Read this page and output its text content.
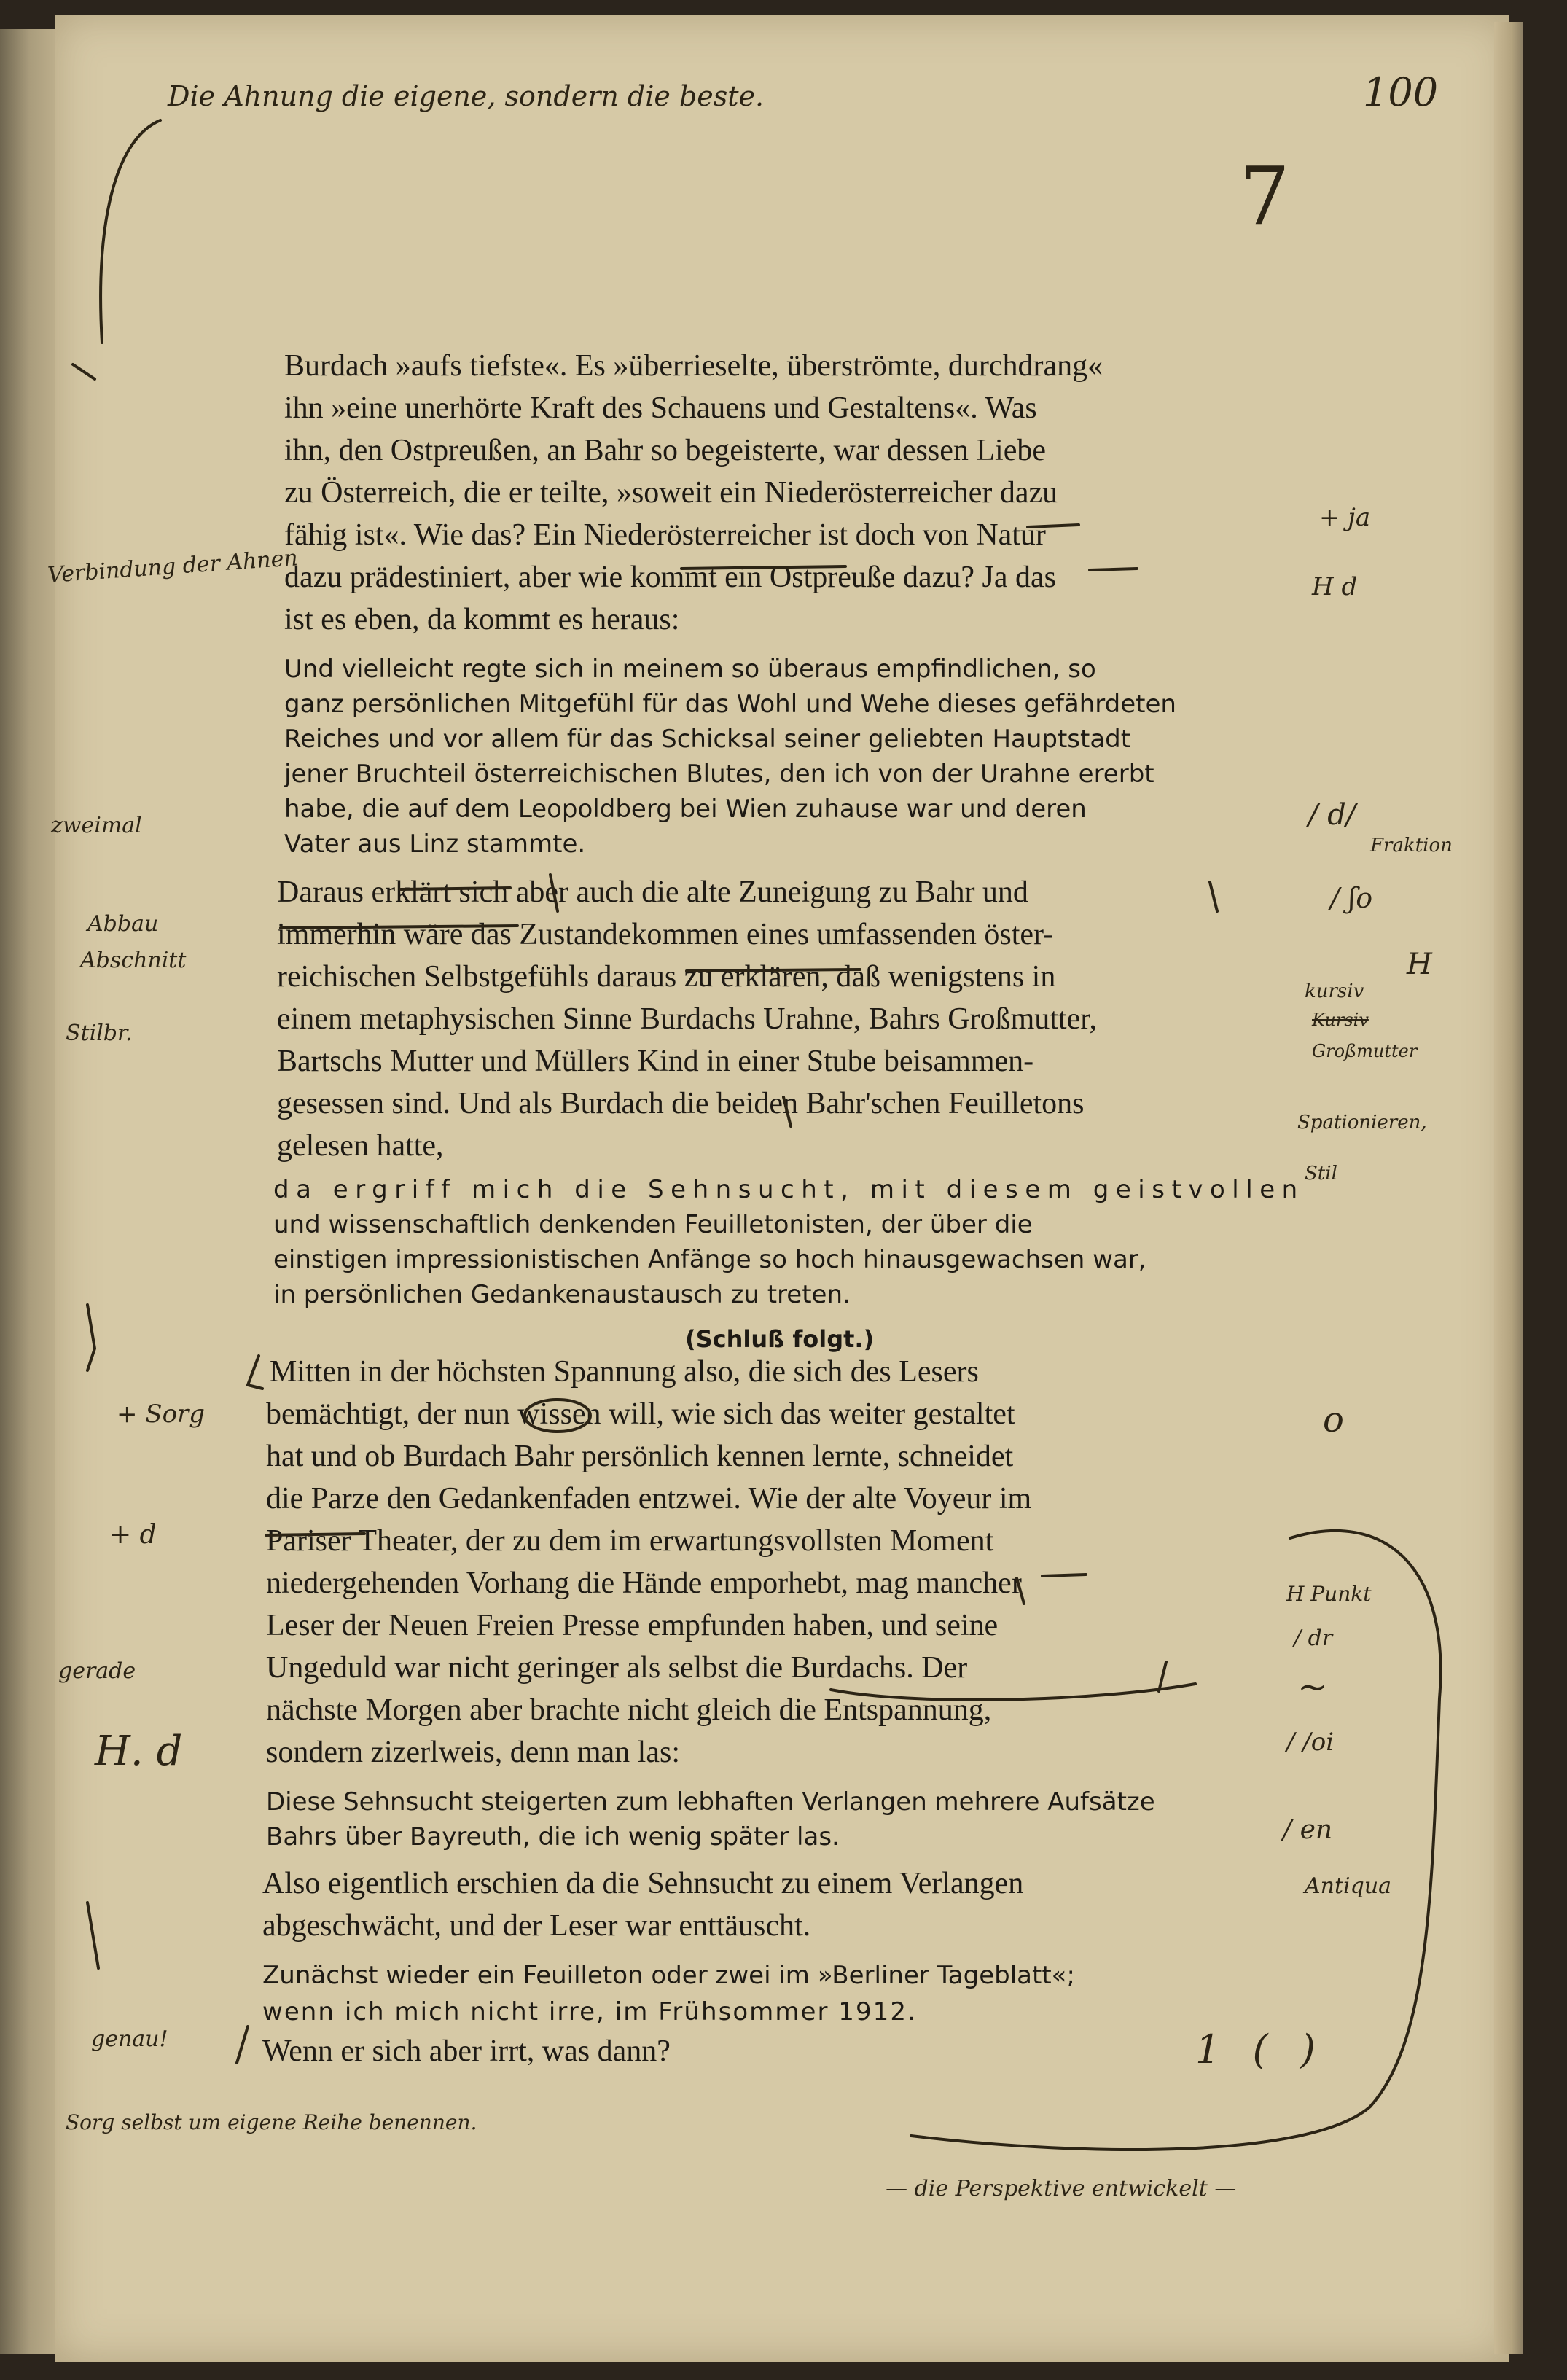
100
7
Die Ahnung die eigene, sondern die beste.
Burdach »aufs tiefste«. Es »überrieselte, überströmte, durchdrang«
ihn »eine unerhörte Kraft des Schauens und Gestaltens«. Was
ihn, den Ostpreußen, an Bahr so begeisterte, war dessen Liebe
zu Österreich, die er teilte, »soweit ein Niederösterreicher dazu
fähig ist«. Wie das? Ein Niederösterreicher ist doch von Natur
dazu prädestiniert, aber wie kommt ein Ostpreuße dazu? Ja das
ist es eben, da kommt es heraus:
Und vielleicht regte sich in meinem so überaus empfindlichen, so
ganz persönlichen Mitgefühl für das Wohl und Wehe dieses gefährdeten
Reiches und vor allem für das Schicksal seiner geliebten Hauptstadt
jener Bruchteil österreichischen Blutes, den ich von der Urahne ererbt
habe, die auf dem Leopoldberg bei Wien zuhause war und deren
Vater aus Linz stammte.
Daraus erklärt sich aber auch die alte Zuneigung zu Bahr und
immerhin wäre das Zustandekommen eines umfassenden öster-
reichischen Selbstgefühls daraus zu erklären, daß wenigstens in
einem metaphysischen Sinne Burdachs Urahne, Bahrs Großmutter,
Bartschs Mutter und Müllers Kind in einer Stube beisammen-
gesessen sind. Und als Burdach die beiden Bahr'schen Feuilletons
gelesen hatte,
da ergriff mich die Sehnsucht, mit diesem geistvollen
und wissenschaftlich denkenden Feuilletonisten, der über die
einstigen impressionistischen Anfänge so hoch hinausgewachsen war,
in persönlichen Gedankenaustausch zu treten.
(Schluß folgt.)
Mitten in der höchsten Spannung also, die sich des Lesers
bemächtigt, der nun wissen will, wie sich das weiter gestaltet
hat und ob Burdach Bahr persönlich kennen lernte, schneidet
die Parze den Gedankenfaden entzwei. Wie der alte Voyeur im
Pariser Theater, der zu dem im erwartungsvollsten Moment
niedergehenden Vorhang die Hände emporhebt, mag mancher
Leser der Neuen Freien Presse empfunden haben, und seine
Ungeduld war nicht geringer als selbst die Burdachs. Der
nächste Morgen aber brachte nicht gleich die Entspannung,
sondern zizerlweis, denn man las:
Diese Sehnsucht steigerten zum lebhaften Verlangen mehrere Aufsätze
Bahrs über Bayreuth, die ich wenig später las.
Also eigentlich erschien da die Sehnsucht zu einem Verlangen
abgeschwächt, und der Leser war enttäuscht.
Zunächst wieder ein Feuilleton oder zwei im »Berliner Tageblatt«;
wenn ich mich nicht irre, im Frühsommer 1912.
Wenn er sich aber irrt, was dann?
Verbindung der Ahnen
zweimal
Abbau
Abschnitt
Stilbr.
+ Sorg
+ d
gerade
H. d
genau!
Sorg selbst um eigene Reihe benennen.
+ ja
H d
/ d/
Fraktion
/ ʃo
H
kursiv
Kursiv
Großmutter
Spationieren,
Stil
o
H Punkt
/ dr
~
/ /oi
/ en
Antiqua
1 ( )
— die Perspektive entwickelt —
